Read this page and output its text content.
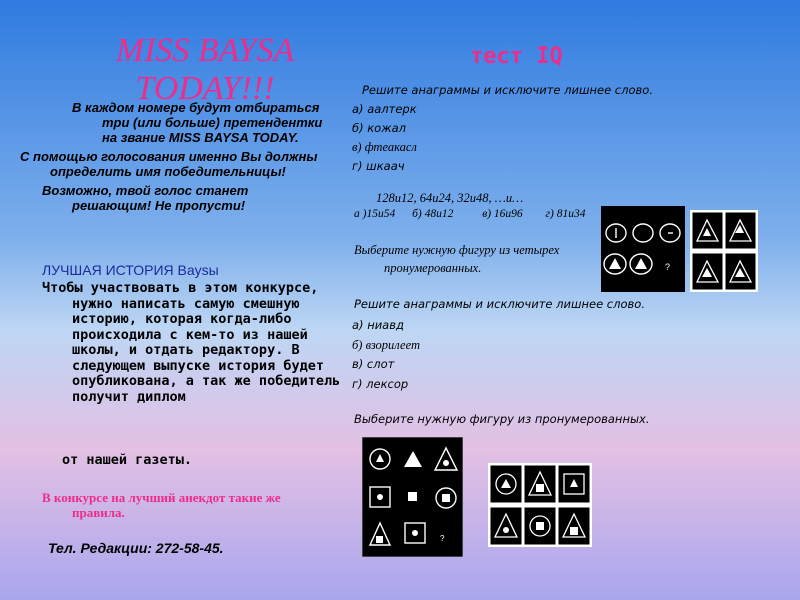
MISS BAYSA TODAY!!!

В каждом номере будут отбираться три (или больше) претендентки на звание MISS BAYSA TODAY.

С помощью голосования именно Вы должны определить имя победительницы!

Возможно, твой голос станет решающим! Не пропусти!

ЛУЧШАЯ ИСТОРИЯ Baysы

Чтобы участвовать в этом конкурсе, нужно написать самую смешную историю, которая когда-либо происходила с кем-то из нашей школы, и отдать редактору. В следующем выпуске история будет опубликована, а так же победитель получит диплом

от нашей газеты.

В конкурсе на лучший анекдот такие же правила.

Тел. Редакции: 272-58-45.
тест IQ
Решите анаграммы и исключите лишнее слово.
а) аалтерк
б) кожал
в) фтеакасл
г) шкаач
128и12, 64и24, 32и48, …и…
а )15и54 б) 48и12	в) 16и96 г) 81и34
Выберите нужную фигуру из четырех пронумерованных.	?
Решите анаграммы и исключите лишнее слово.
а) ниавд
б) взорилеет
в) слот
г) лексор
Выберите нужную фигуру из пронумерованных.
?
